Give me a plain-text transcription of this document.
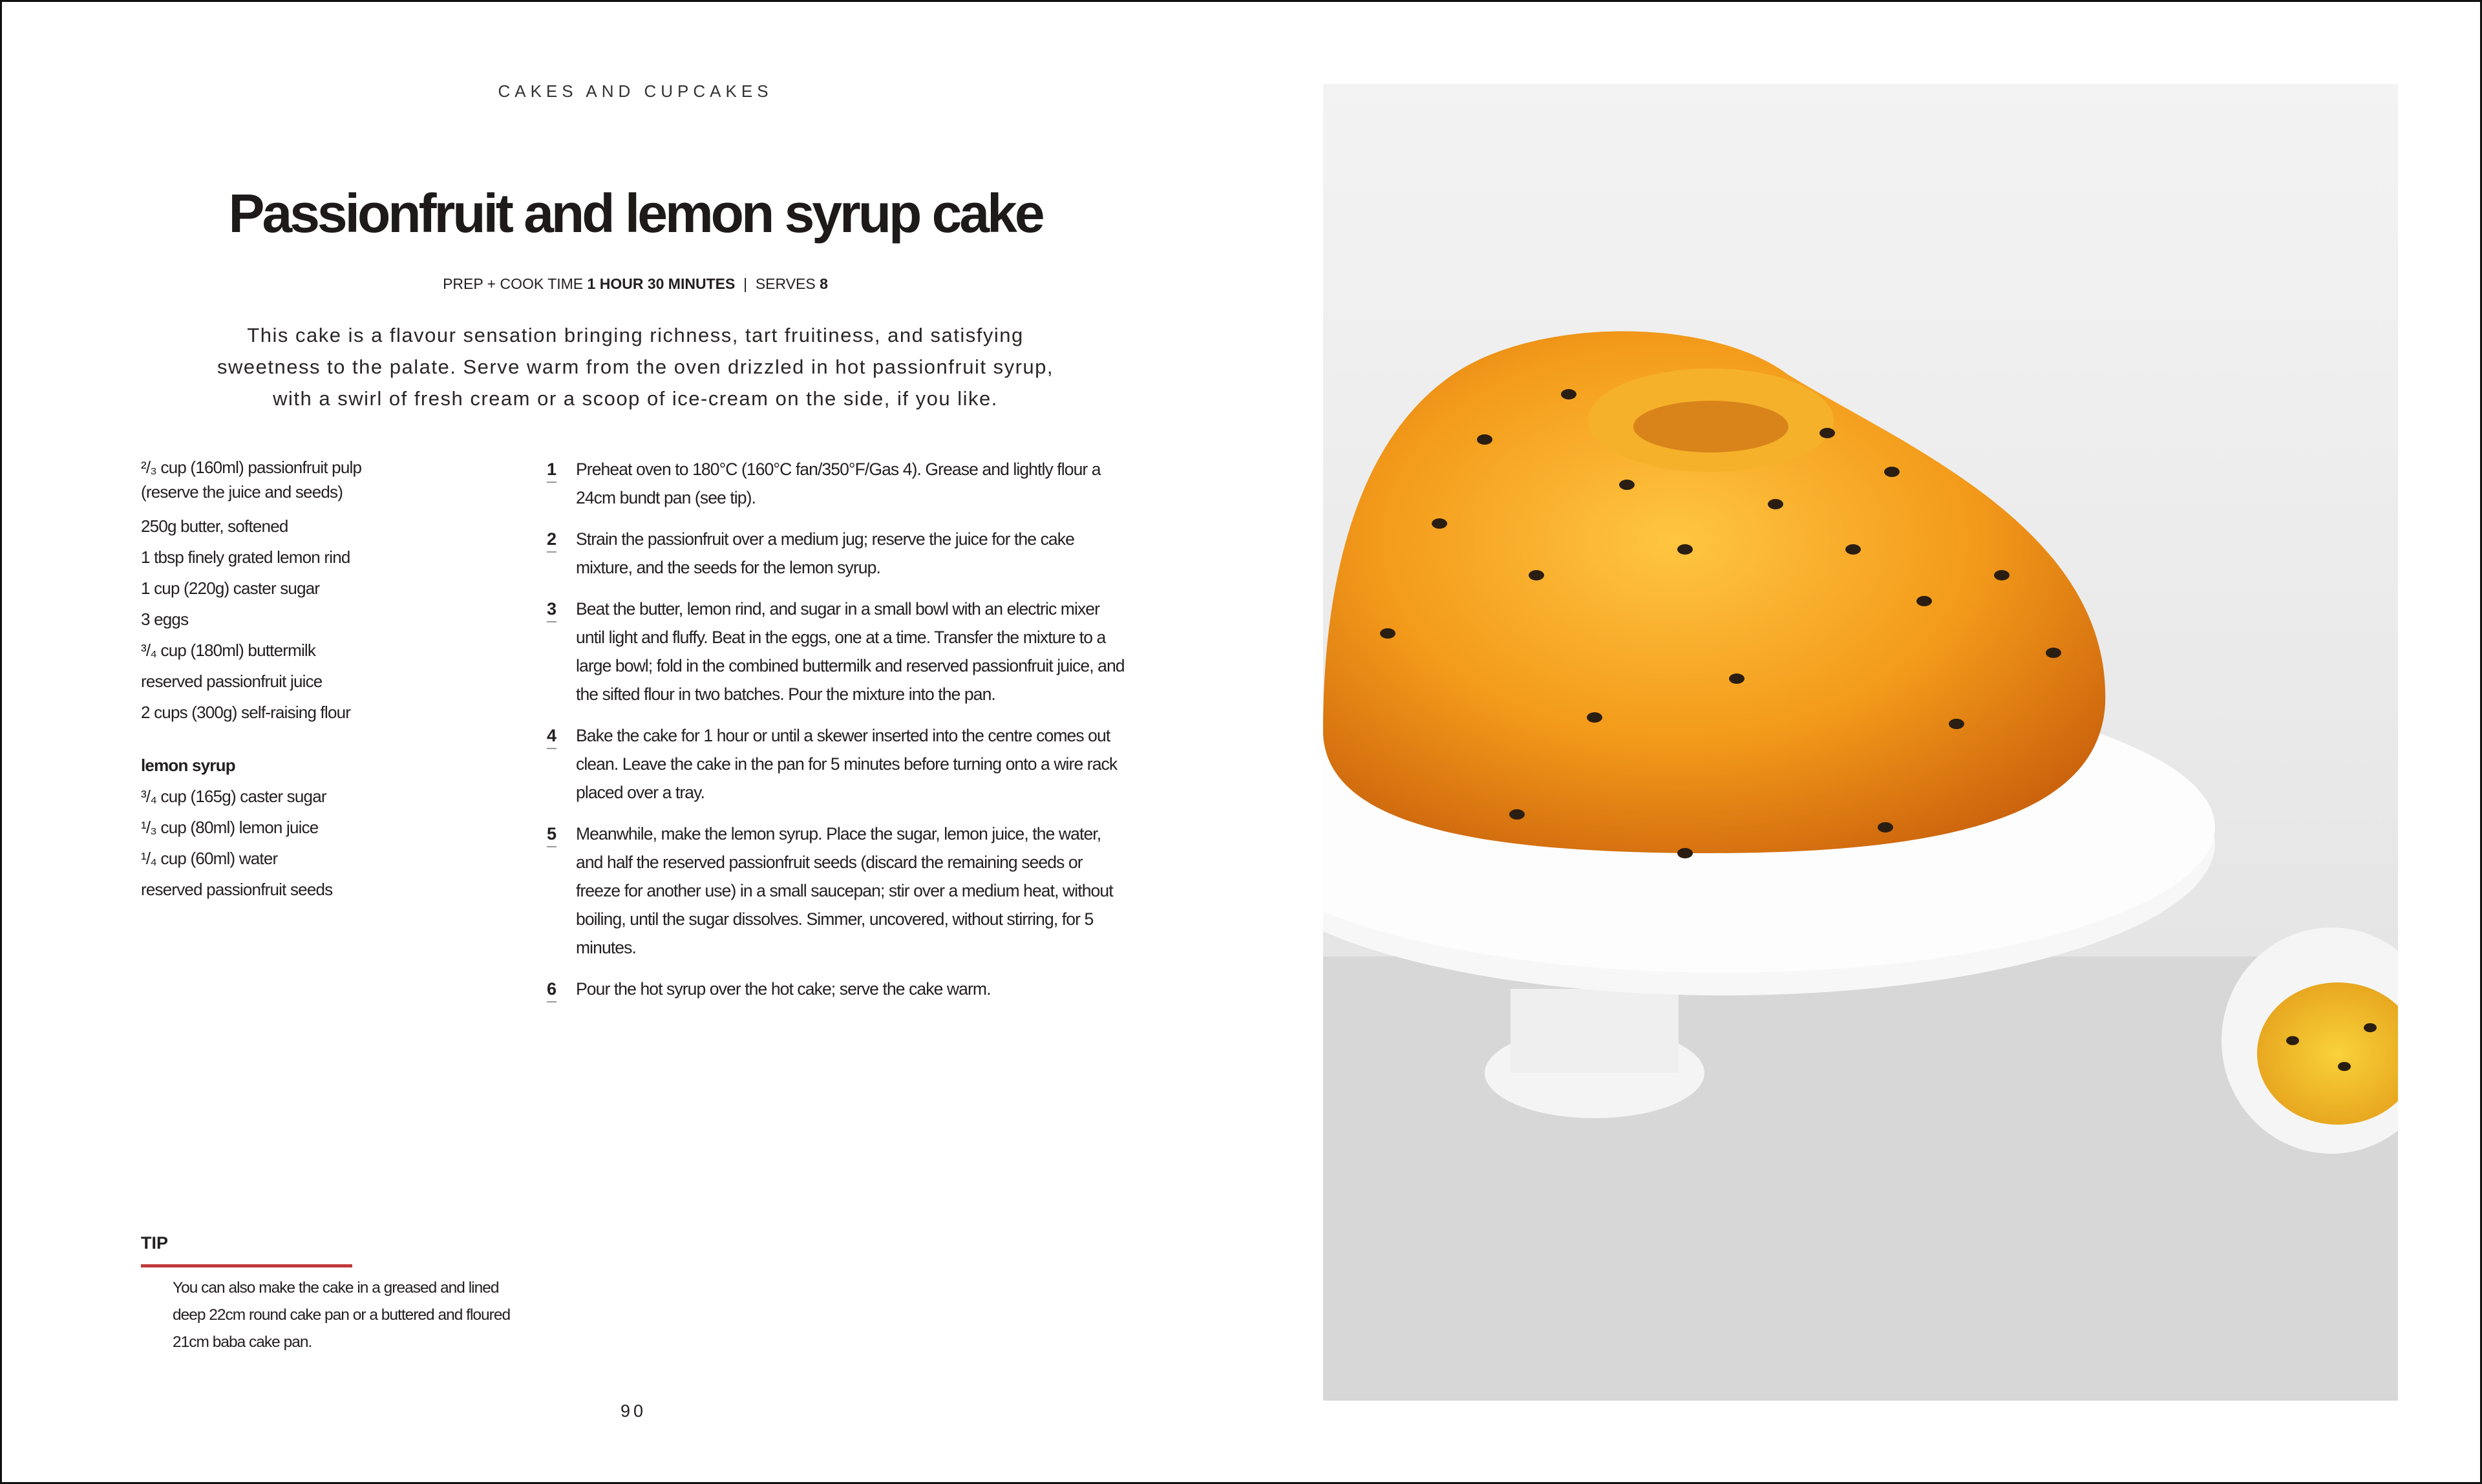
CAKES AND CUPCAKES
Passionfruit and lemon syrup cake
PREP + COOK TIME 1 HOUR 30 MINUTES | SERVES 8

This cake is a flavour sensation bringing richness, tart fruitiness, and satisfying sweetness to the palate. Serve warm from the oven drizzled in hot passionfruit syrup, with a swirl of fresh cream or a scoop of ice-cream on the side, if you like.

²/₃ cup (160ml) passionfruit pulp (reserve the juice and seeds)
250g butter, softened
1 tbsp finely grated lemon rind
1 cup (220g) caster sugar
3 eggs
³/₄ cup (180ml) buttermilk
reserved passionfruit juice
2 cups (300g) self-raising flour
lemon syrup
³/₄ cup (165g) caster sugar
¹/₃ cup (80ml) lemon juice
¹/₄ cup (60ml) water
reserved passionfruit seeds
1	Preheat oven to 180°C (160°C fan/350°F/Gas 4). Grease and lightly flour a 24cm bundt pan (see tip).
2	Strain the passionfruit over a medium jug; reserve the juice for the cake mixture, and the seeds for the lemon syrup.
3	Beat the butter, lemon rind, and sugar in a small bowl with an electric mixer until light and fluffy. Beat in the eggs, one at a time. Transfer the mixture to a large bowl; fold in the combined buttermilk and reserved passionfruit juice, and the sifted flour in two batches. Pour the mixture into the pan.
4	Bake the cake for 1 hour or until a skewer inserted into the centre comes out clean. Leave the cake in the pan for 5 minutes before turning onto a wire rack placed over a tray.
5	Meanwhile, make the lemon syrup. Place the sugar, lemon juice, the water, and half the reserved passionfruit seeds (discard the remaining seeds or freeze for another use) in a small saucepan; stir over a medium heat, without boiling, until the sugar dissolves. Simmer, uncovered, without stirring, for 5 minutes.
6	Pour the hot syrup over the hot cake; serve the cake warm.
TIP

You can also make the cake in a greased and lined deep 22cm round cake pan or a buttered and floured 21cm baba cake pan.

90
